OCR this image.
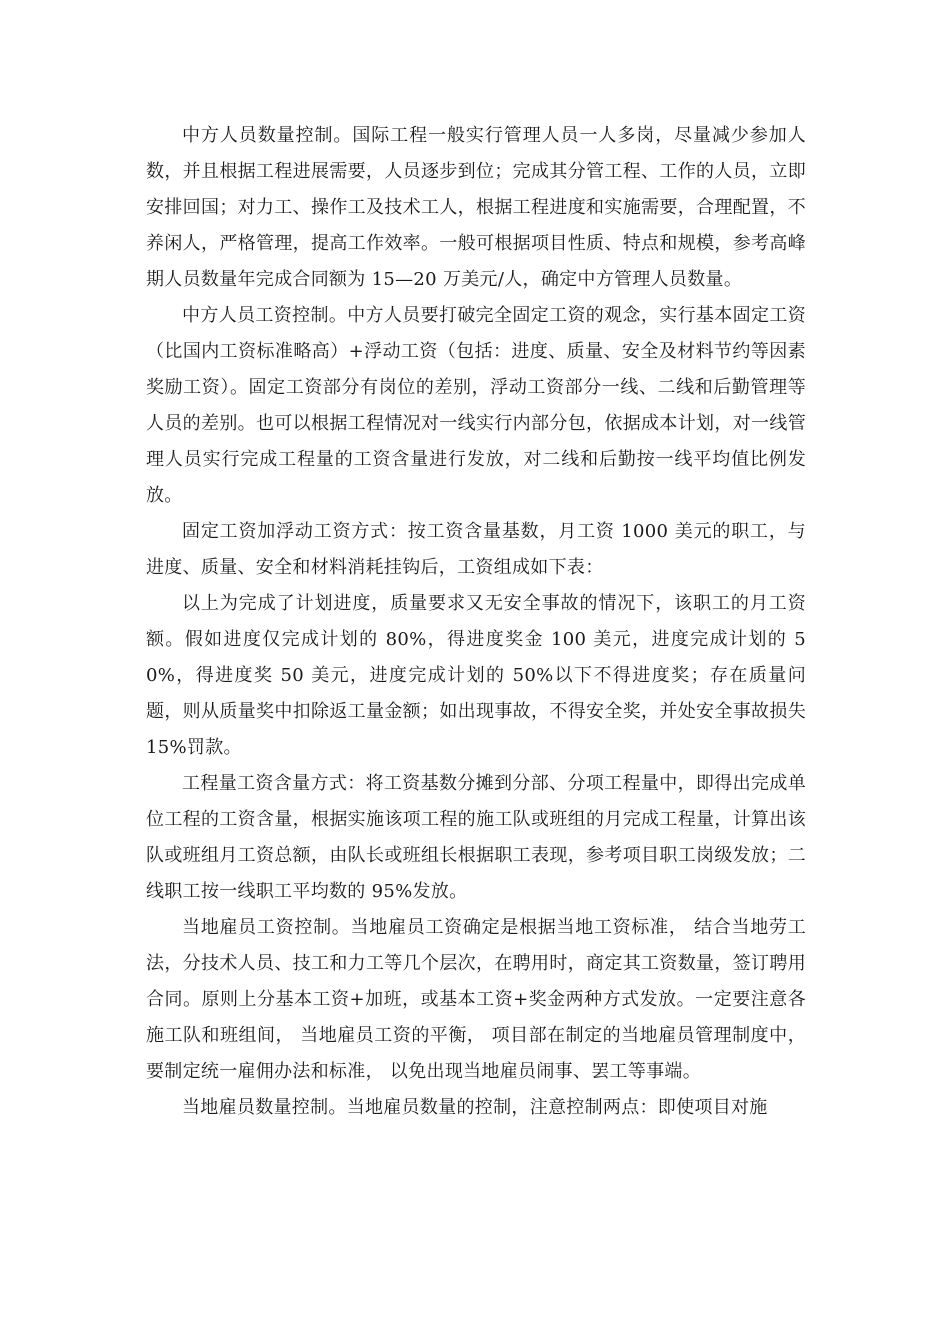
中方人员数量控制。国际工程一般实行管理人员一人多岗，尽量减少参加人数，并且根据工程进展需要，人员逐步到位；完成其分管工程、工作的人员，立即安排回国；对力工、操作工及技术工人，根据工程进度和实施需要，合理配置，不养闲人，严格管理，提高工作效率。一般可根据项目性质、特点和规模，参考高峰期人员数量年完成合同额为 15—20 万美元/人，确定中方管理人员数量。

中方人员工资控制。中方人员要打破完全固定工资的观念，实行基本固定工资（比国内工资标准略高）+浮动工资（包括：进度、质量、安全及材料节约等因素奖励工资）。固定工资部分有岗位的差别，浮动工资部分一线、二线和后勤管理等人员的差别。也可以根据工程情况对一线实行内部分包，依据成本计划，对一线管理人员实行完成工程量的工资含量进行发放，对二线和后勤按一线平均值比例发放。

固定工资加浮动工资方式：按工资含量基数，月工资 1000 美元的职工，与进度、质量、安全和材料消耗挂钩后，工资组成如下表：

以上为完成了计划进度，质量要求又无安全事故的情况下，该职工的月工资额。假如进度仅完成计划的 80%，得进度奖金 100 美元，进度完成计划的 50%，得进度奖 50 美元，进度完成计划的 50%以下不得进度奖；存在质量问题，则从质量奖中扣除返工量金额；如出现事故，不得安全奖，并处安全事故损失 15%罚款。

工程量工资含量方式：将工资基数分摊到分部、分项工程量中，即得出完成单位工程的工资含量，根据实施该项工程的施工队或班组的月完成工程量，计算出该队或班组月工资总额，由队长或班组长根据职工表现，参考项目职工岗级发放；二线职工按一线职工平均数的 95%发放。

当地雇员工资控制。当地雇员工资确定是根据当地工资标准， 结合当地劳工法，分技术人员、技工和力工等几个层次，在聘用时，商定其工资数量，签订聘用合同。原则上分基本工资+加班，或基本工资+奖金两种方式发放。一定要注意各施工队和班组间， 当地雇员工资的平衡， 项目部在制定的当地雇员管理制度中，要制定统一雇佣办法和标准， 以免出现当地雇员闹事、罢工等事端。

当地雇员数量控制。当地雇员数量的控制，注意控制两点：即使项目对施
